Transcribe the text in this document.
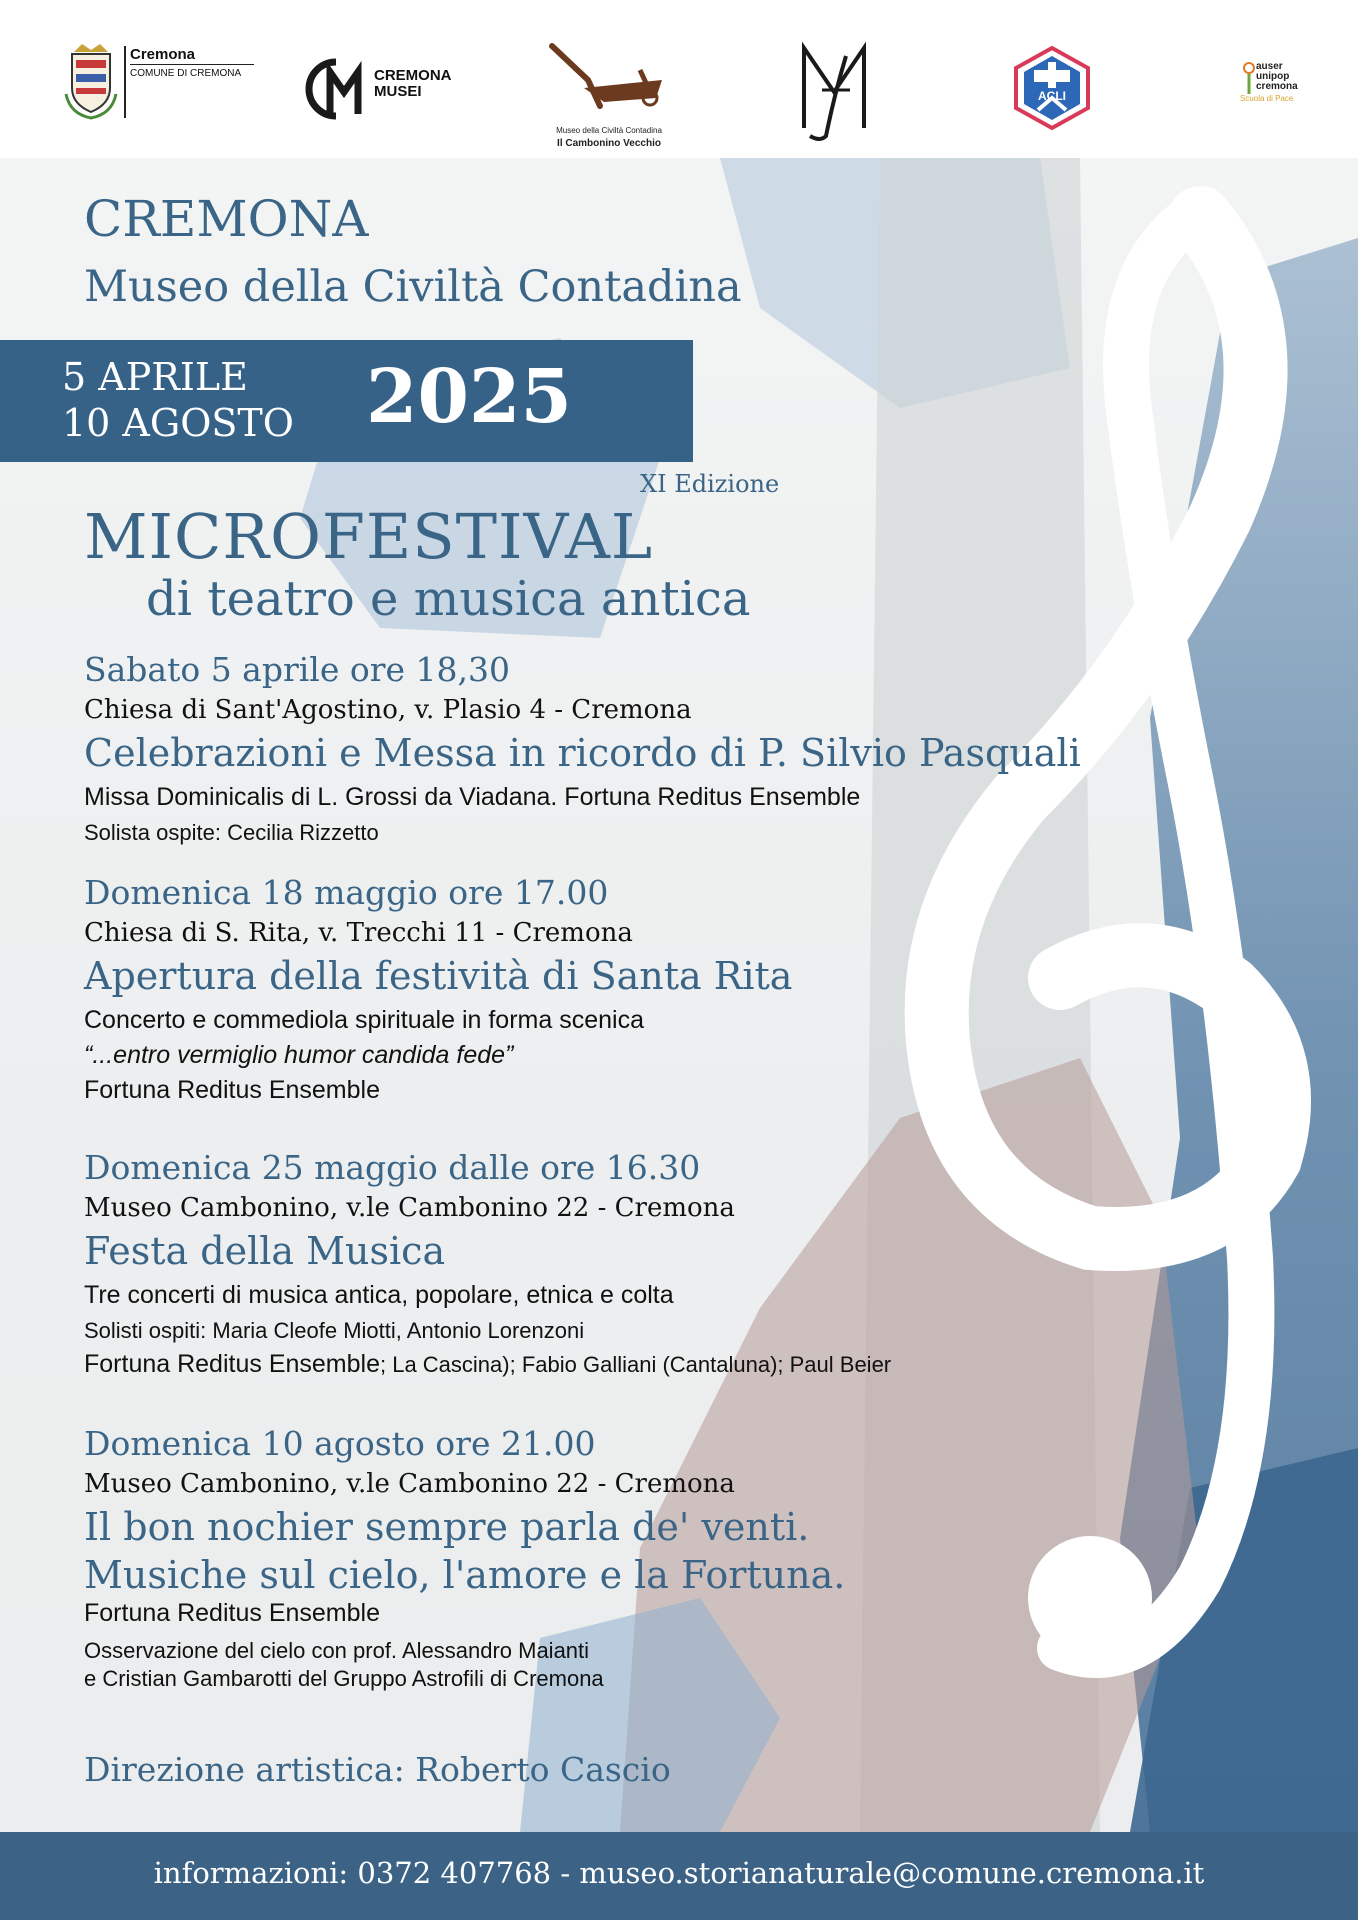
Cremona
COMUNE DI CREMONA	CREMONA
MUSEI
Museo della Civiltà Contadina
Il Cambonino Vecchio
ACLI
auser
unipop
cremona
Scuola di Pace
CREMONA
Museo della Civiltà Contadina
5 APRILE
10 AGOSTO 2025
XI Edizione
MICROFESTIVAL
di teatro e musica antica
Sabato 5 aprile ore 18,30
Chiesa di Sant'Agostino, v. Plasio 4 - Cremona
Celebrazioni e Messa in ricordo di P. Silvio Pasquali
Missa Dominicalis di L. Grossi da Viadana. Fortuna Reditus Ensemble
Solista ospite: Cecilia Rizzetto
Domenica 18 maggio ore 17.00
Chiesa di S. Rita, v. Trecchi 11 - Cremona
Apertura della festività di Santa Rita
Concerto e commediola spirituale in forma scenica
“...entro vermiglio humor candida fede”
Fortuna Reditus Ensemble
Domenica 25 maggio dalle ore 16.30
Museo Cambonino, v.le Cambonino 22 - Cremona
Festa della Musica
Tre concerti di musica antica, popolare, etnica e colta
Solisti ospiti: Maria Cleofe Miotti, Antonio Lorenzoni
Fortuna Reditus Ensemble; La Cascina); Fabio Galliani (Cantaluna); Paul Beier
Domenica 10 agosto ore 21.00
Museo Cambonino, v.le Cambonino 22 - Cremona
Il bon nochier sempre parla de' venti.
Musiche sul cielo, l'amore e la Fortuna.
Fortuna Reditus Ensemble
Osservazione del cielo con prof. Alessandro Maianti
e Cristian Gambarotti del Gruppo Astrofili di Cremona
Direzione artistica: Roberto Cascio
informazioni: 0372 407768 - museo.storianaturale@comune.cremona.it
